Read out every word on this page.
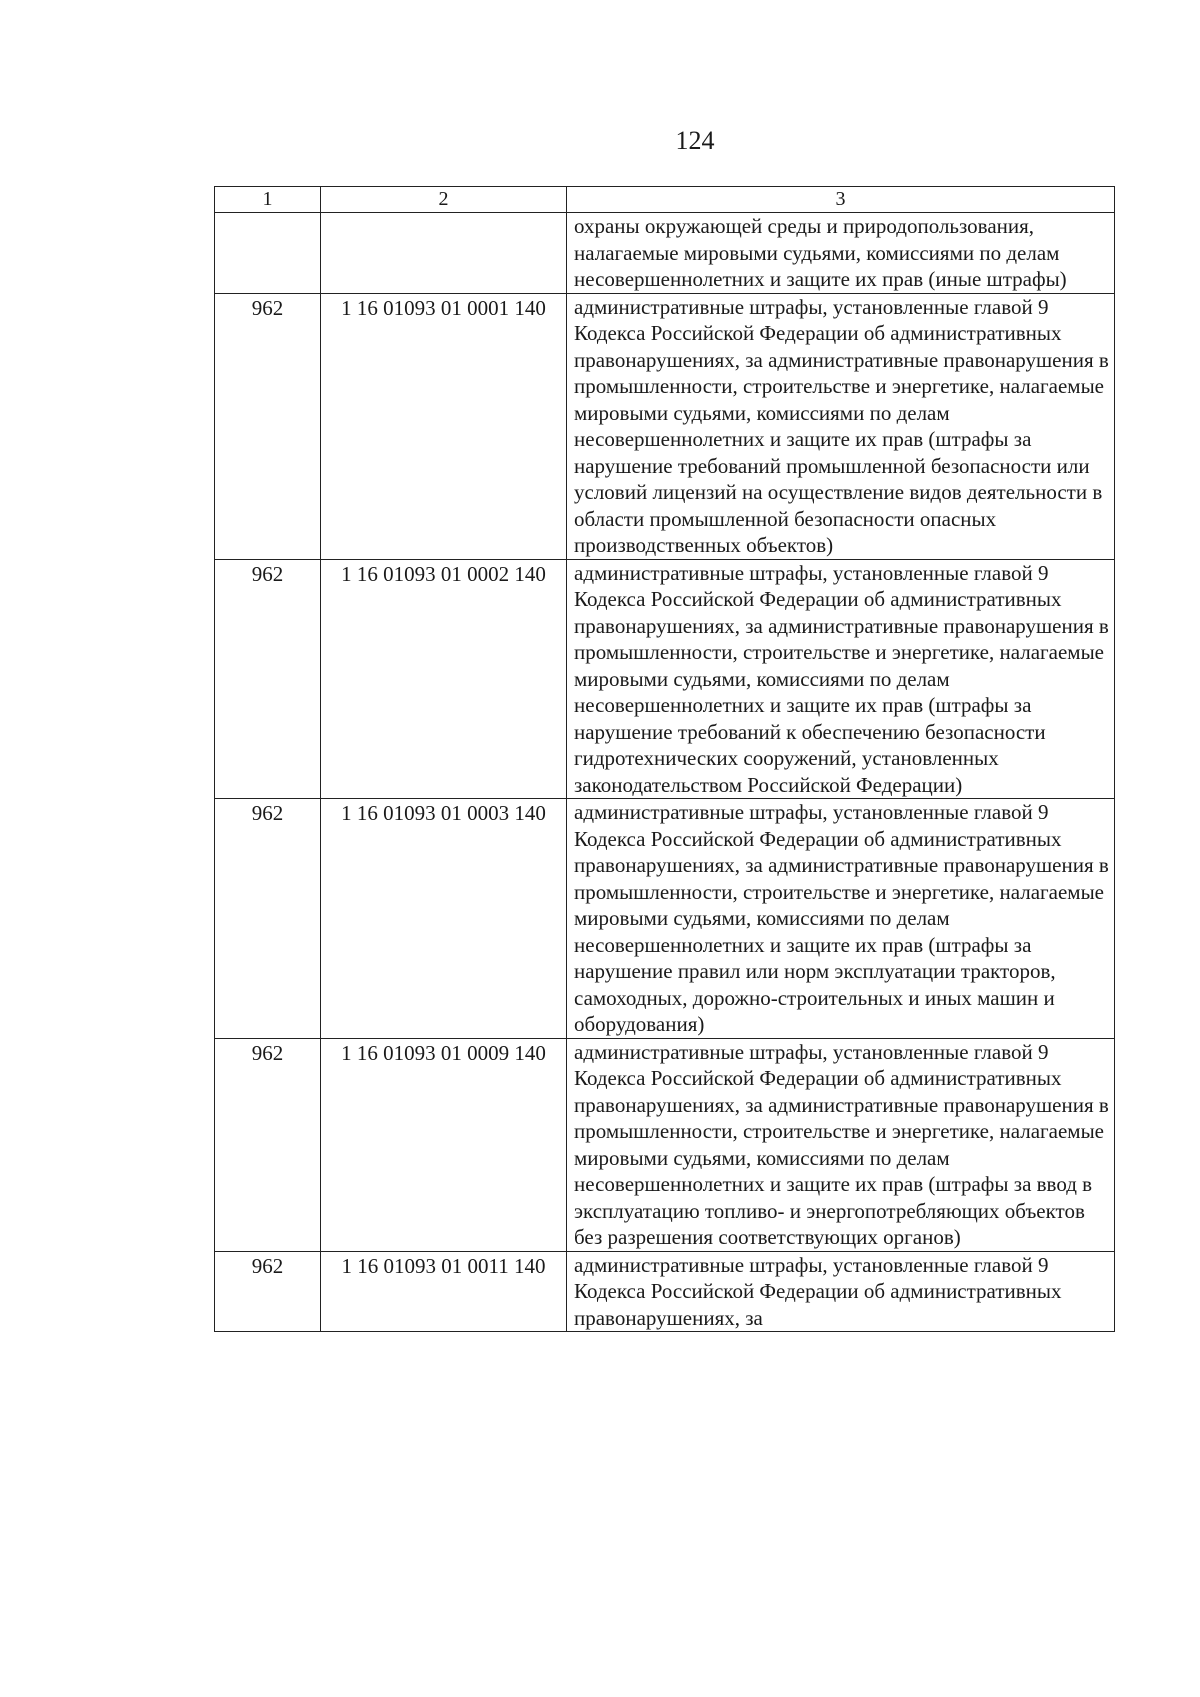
124
1	2	3
		охраны окружающей среды и природопользования, налагаемые мировыми судьями, комиссиями по делам несовершеннолетних и защите их прав (иные штрафы)
962	1 16 01093 01 0001 140	административные штрафы, установленные главой 9 Кодекса Российской Федерации об административных правонарушениях, за административные правонарушения в промышленности, строительстве и энергетике, налагаемые мировыми судьями, комиссиями по делам несовершеннолетних и защите их прав (штрафы за нарушение требований промышленной безопасности или условий лицензий на осуществление видов деятельности в области промышленной безопасности опасных производственных объектов)
962	1 16 01093 01 0002 140	административные штрафы, установленные главой 9 Кодекса Российской Федерации об административных правонарушениях, за административные правонарушения в промышленности, строительстве и энергетике, налагаемые мировыми судьями, комиссиями по делам несовершеннолетних и защите их прав (штрафы за нарушение требований к обеспечению безопасности гидротехнических сооружений, установленных законодательством Российской Федерации)
962	1 16 01093 01 0003 140	административные штрафы, установленные главой 9 Кодекса Российской Федерации об административных правонарушениях, за административные правонарушения в промышленности, строительстве и энергетике, налагаемые мировыми судьями, комиссиями по делам несовершеннолетних и защите их прав (штрафы за нарушение правил или норм эксплуатации тракторов, самоходных, дорожно-строительных и иных машин и оборудования)
962	1 16 01093 01 0009 140	административные штрафы, установленные главой 9 Кодекса Российской Федерации об административных правонарушениях, за административные правонарушения в промышленности, строительстве и энергетике, налагаемые мировыми судьями, комиссиями по делам несовершеннолетних и защите их прав (штрафы за ввод в эксплуатацию топливо- и энергопотребляющих объектов без разрешения соответствующих органов)
962	1 16 01093 01 0011 140	административные штрафы, установленные главой 9 Кодекса Российской Федерации об административных правонарушениях, за
